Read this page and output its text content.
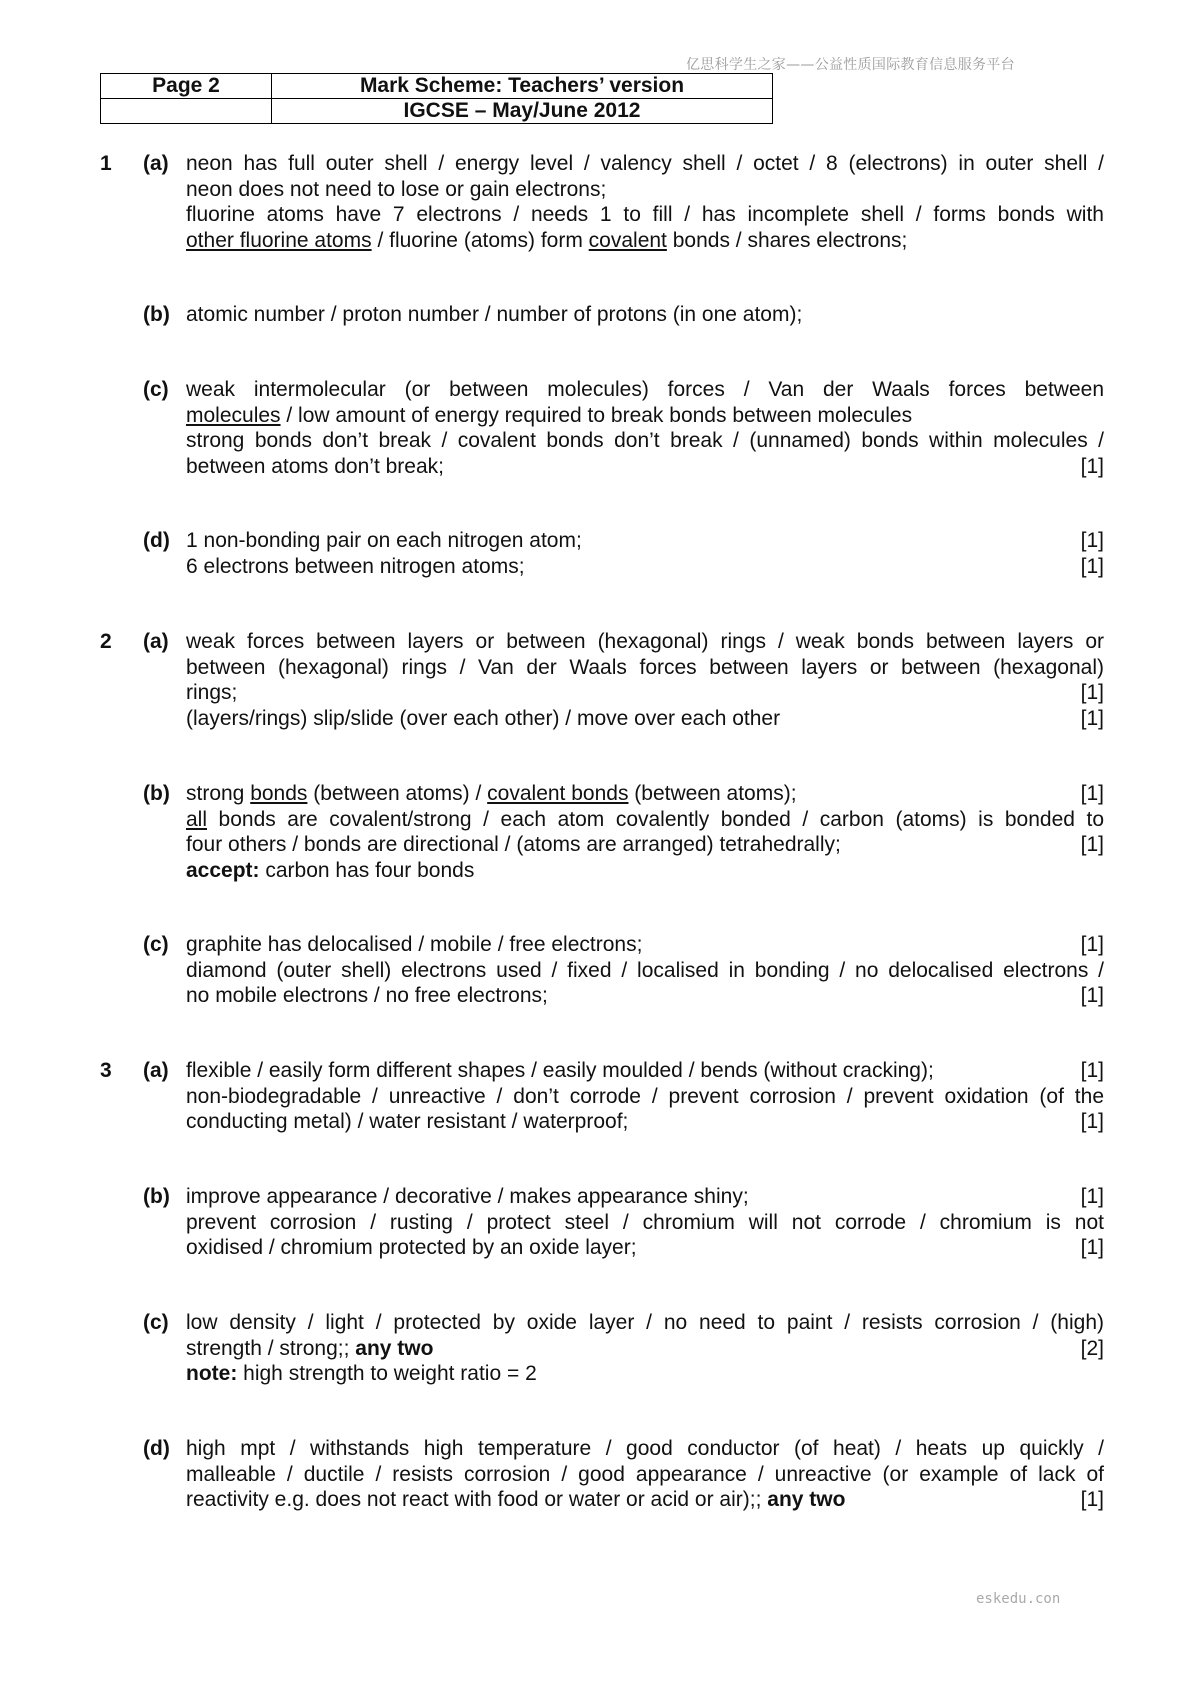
亿思科学生之家——公益性质国际教育信息服务平台
eskedu.con
Page 2	Mark Scheme: Teachers’ version
	IGCSE – May/June 2012
1 (a) neon has full outer shell / energy level / valency shell / octet / 8 (electrons) in outer shell /
neon does not need to lose or gain electrons;
fluorine atoms have 7 electrons / needs 1 to fill / has incomplete shell / forms bonds with
other fluorine atoms / fluorine (atoms) form covalent bonds / shares electrons;
(b) atomic number / proton number / number of protons (in one atom);
(c) weak intermolecular (or between molecules) forces / Van der Waals forces between
molecules / low amount of energy required to break bonds between molecules
strong bonds don’t break / covalent bonds don’t break / (unnamed) bonds within molecules /
between atoms don’t break;	[1]
(d) 1 non-bonding pair on each nitrogen atom;	[1]
6 electrons between nitrogen atoms;	[1]
2 (a) weak forces between layers or between (hexagonal) rings / weak bonds between layers or
between (hexagonal) rings / Van der Waals forces between layers or between (hexagonal)
rings;	[1]
(layers/rings) slip/slide (over each other) / move over each other	[1]
(b) strong bonds (between atoms) / covalent bonds (between atoms);	[1]
all bonds are covalent/strong / each atom covalently bonded / carbon (atoms) is bonded to
four others / bonds are directional / (atoms are arranged) tetrahedrally;	[1]
accept: carbon has four bonds
(c) graphite has delocalised / mobile / free electrons;	[1]
diamond (outer shell) electrons used / fixed / localised in bonding / no delocalised electrons /
no mobile electrons / no free electrons;	[1]
3 (a) flexible / easily form different shapes / easily moulded / bends (without cracking);	[1]
non-biodegradable / unreactive / don’t corrode / prevent corrosion / prevent oxidation (of the
conducting metal) / water resistant / waterproof;	[1]
(b) improve appearance / decorative / makes appearance shiny;	[1]
prevent corrosion / rusting / protect steel / chromium will not corrode / chromium is not
oxidised / chromium protected by an oxide layer;	[1]
(c) low density / light / protected by oxide layer / no need to paint / resists corrosion / (high)
strength / strong;; any two	[2]
note: high strength to weight ratio = 2
(d) high mpt / withstands high temperature / good conductor (of heat) / heats up quickly /
malleable / ductile / resists corrosion / good appearance / unreactive (or example of lack of
reactivity e.g. does not react with food or water or acid or air);; any two	[1]
